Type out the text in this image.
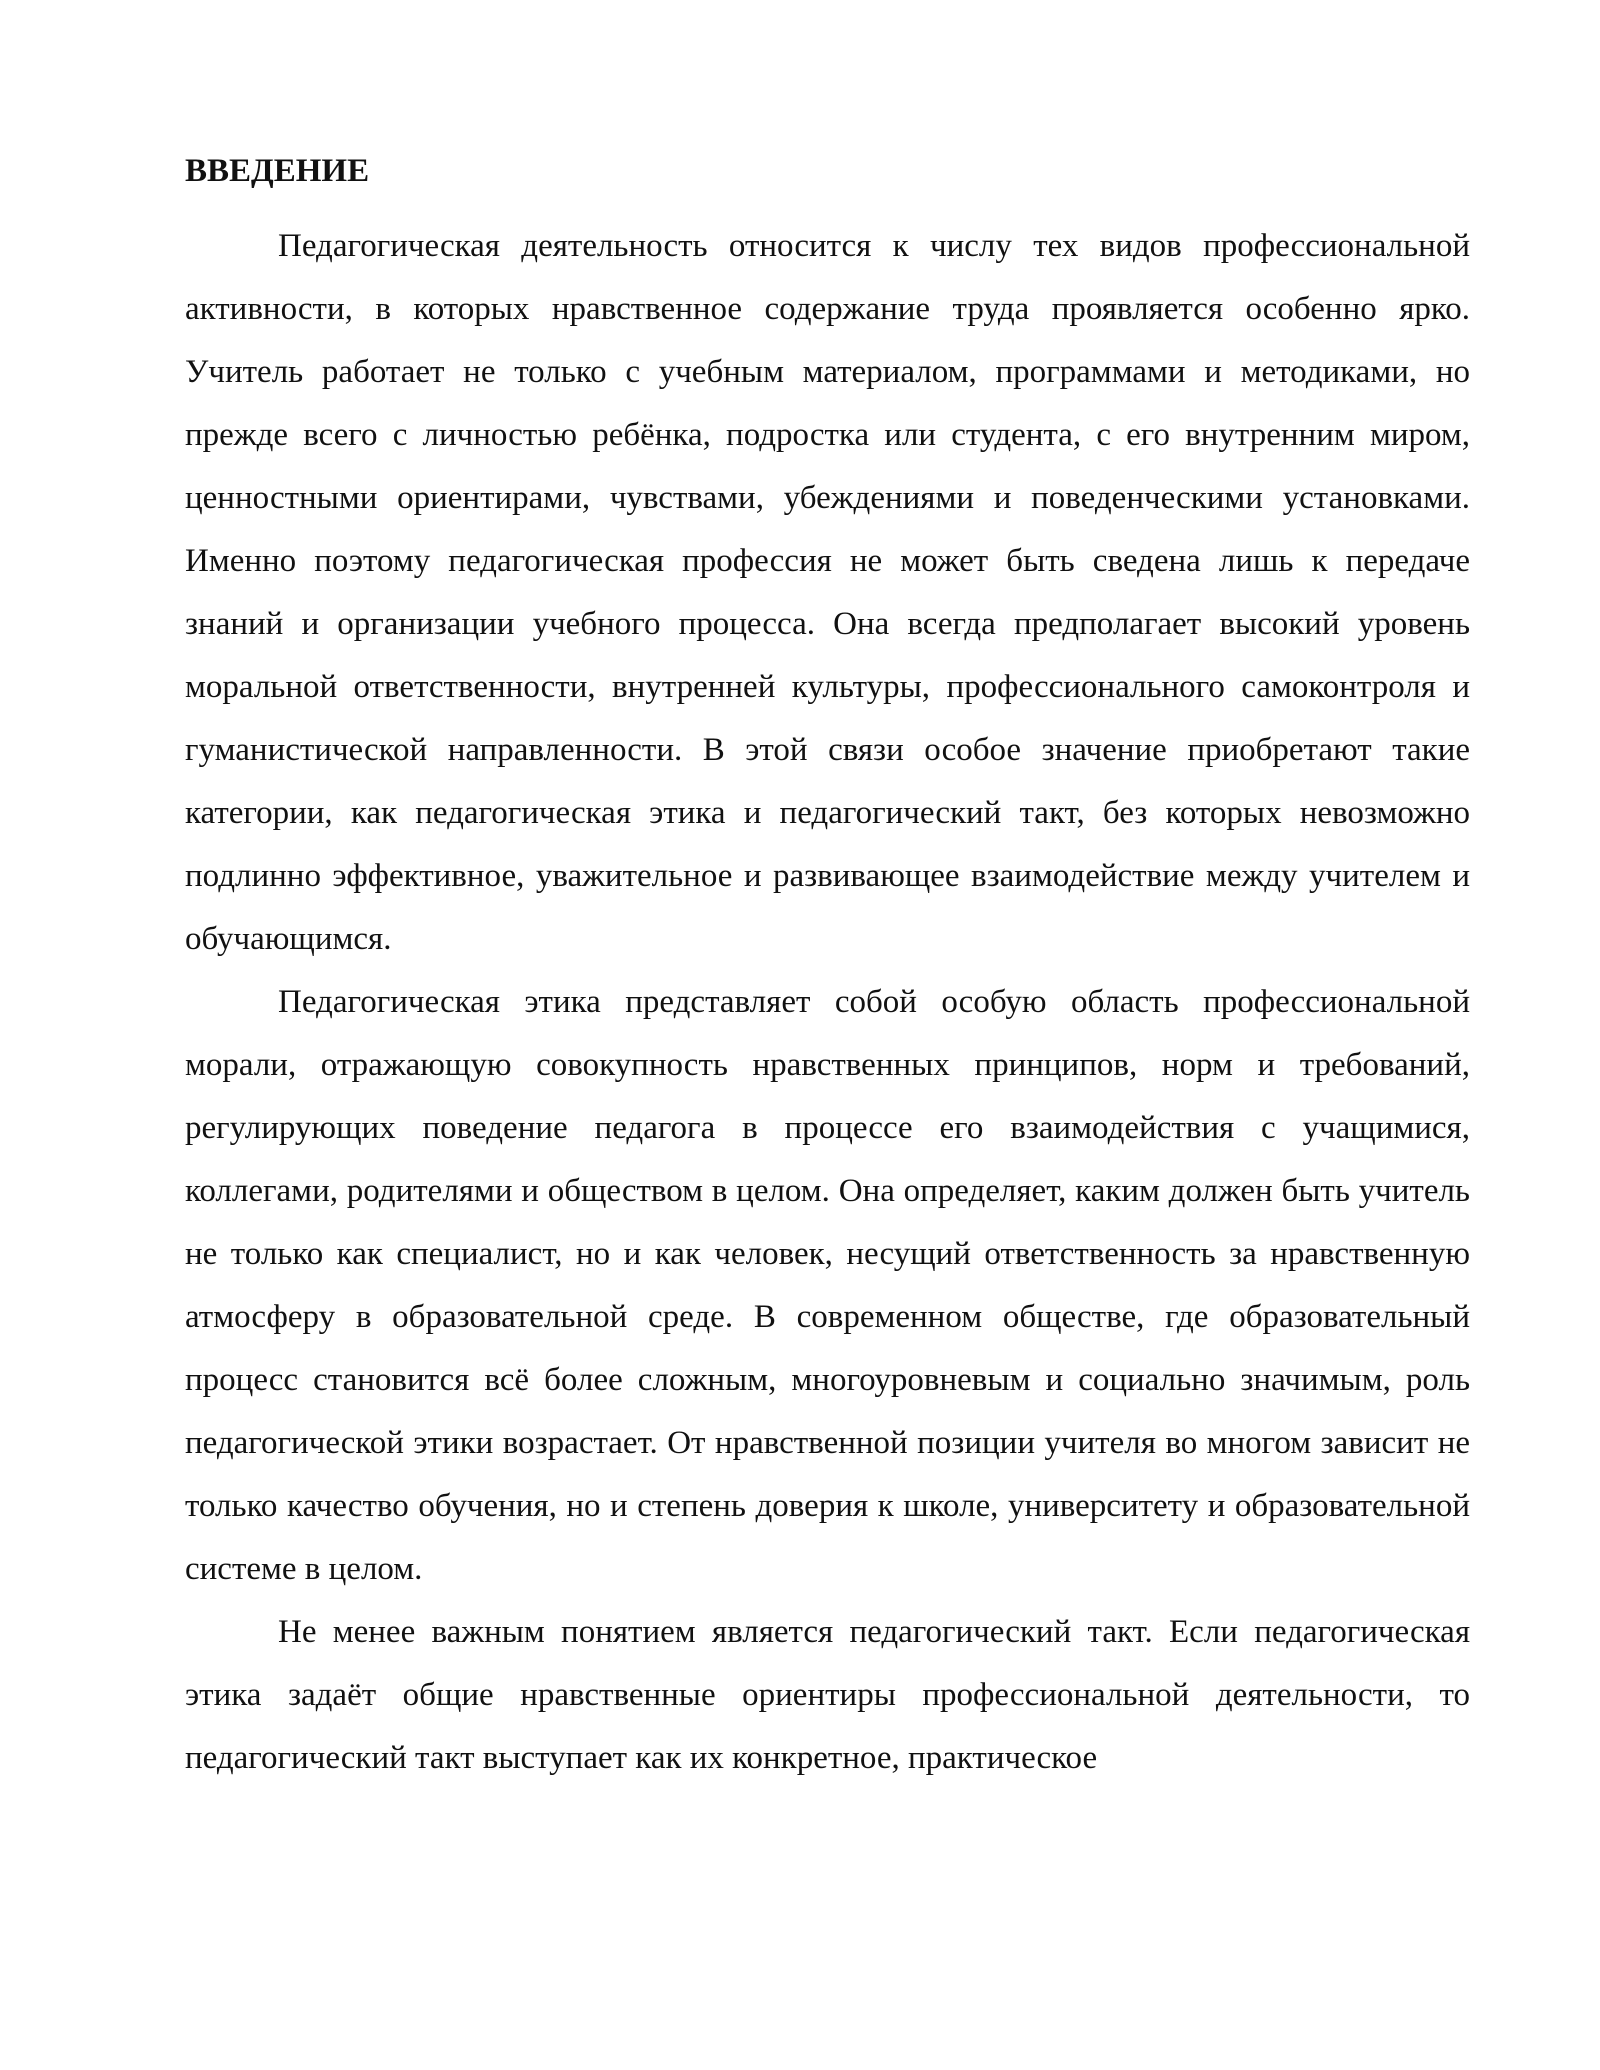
ВВЕДЕНИЕ

Педагогическая деятельность относится к числу тех видов профессиональной активности, в которых нравственное содержание труда проявляется особенно ярко. Учитель работает не только с учебным материалом, программами и методиками, но прежде всего с личностью ребёнка, подростка или студента, с его внутренним миром, ценностными ориентирами, чувствами, убеждениями и поведенческими установками. Именно поэтому педагогическая профессия не может быть сведена лишь к передаче знаний и организации учебного процесса. Она всегда предполагает высокий уровень моральной ответственности, внутренней культуры, профессионального самоконтроля и гуманистической направленности. В этой связи особое значение приобретают такие категории, как педагогическая этика и педагогический такт, без которых невозможно подлинно эффективное, уважительное и развивающее взаимодействие между учителем и обучающимся.

Педагогическая этика представляет собой особую область профессиональной морали, отражающую совокупность нравственных принципов, норм и требований, регулирующих поведение педагога в процессе его взаимодействия с учащимися, коллегами, родителями и обществом в целом. Она определяет, каким должен быть учитель не только как специалист, но и как человек, несущий ответственность за нравственную атмосферу в образовательной среде. В современном обществе, где образовательный процесс становится всё более сложным, многоуровневым и социально значимым, роль педагогической этики возрастает. От нравственной позиции учителя во многом зависит не только качество обучения, но и степень доверия к школе, университету и образовательной системе в целом.

Не менее важным понятием является педагогический такт. Если педагогическая этика задаёт общие нравственные ориентиры профессиональной деятельности, то педагогический такт выступает как их конкретное, практическое
